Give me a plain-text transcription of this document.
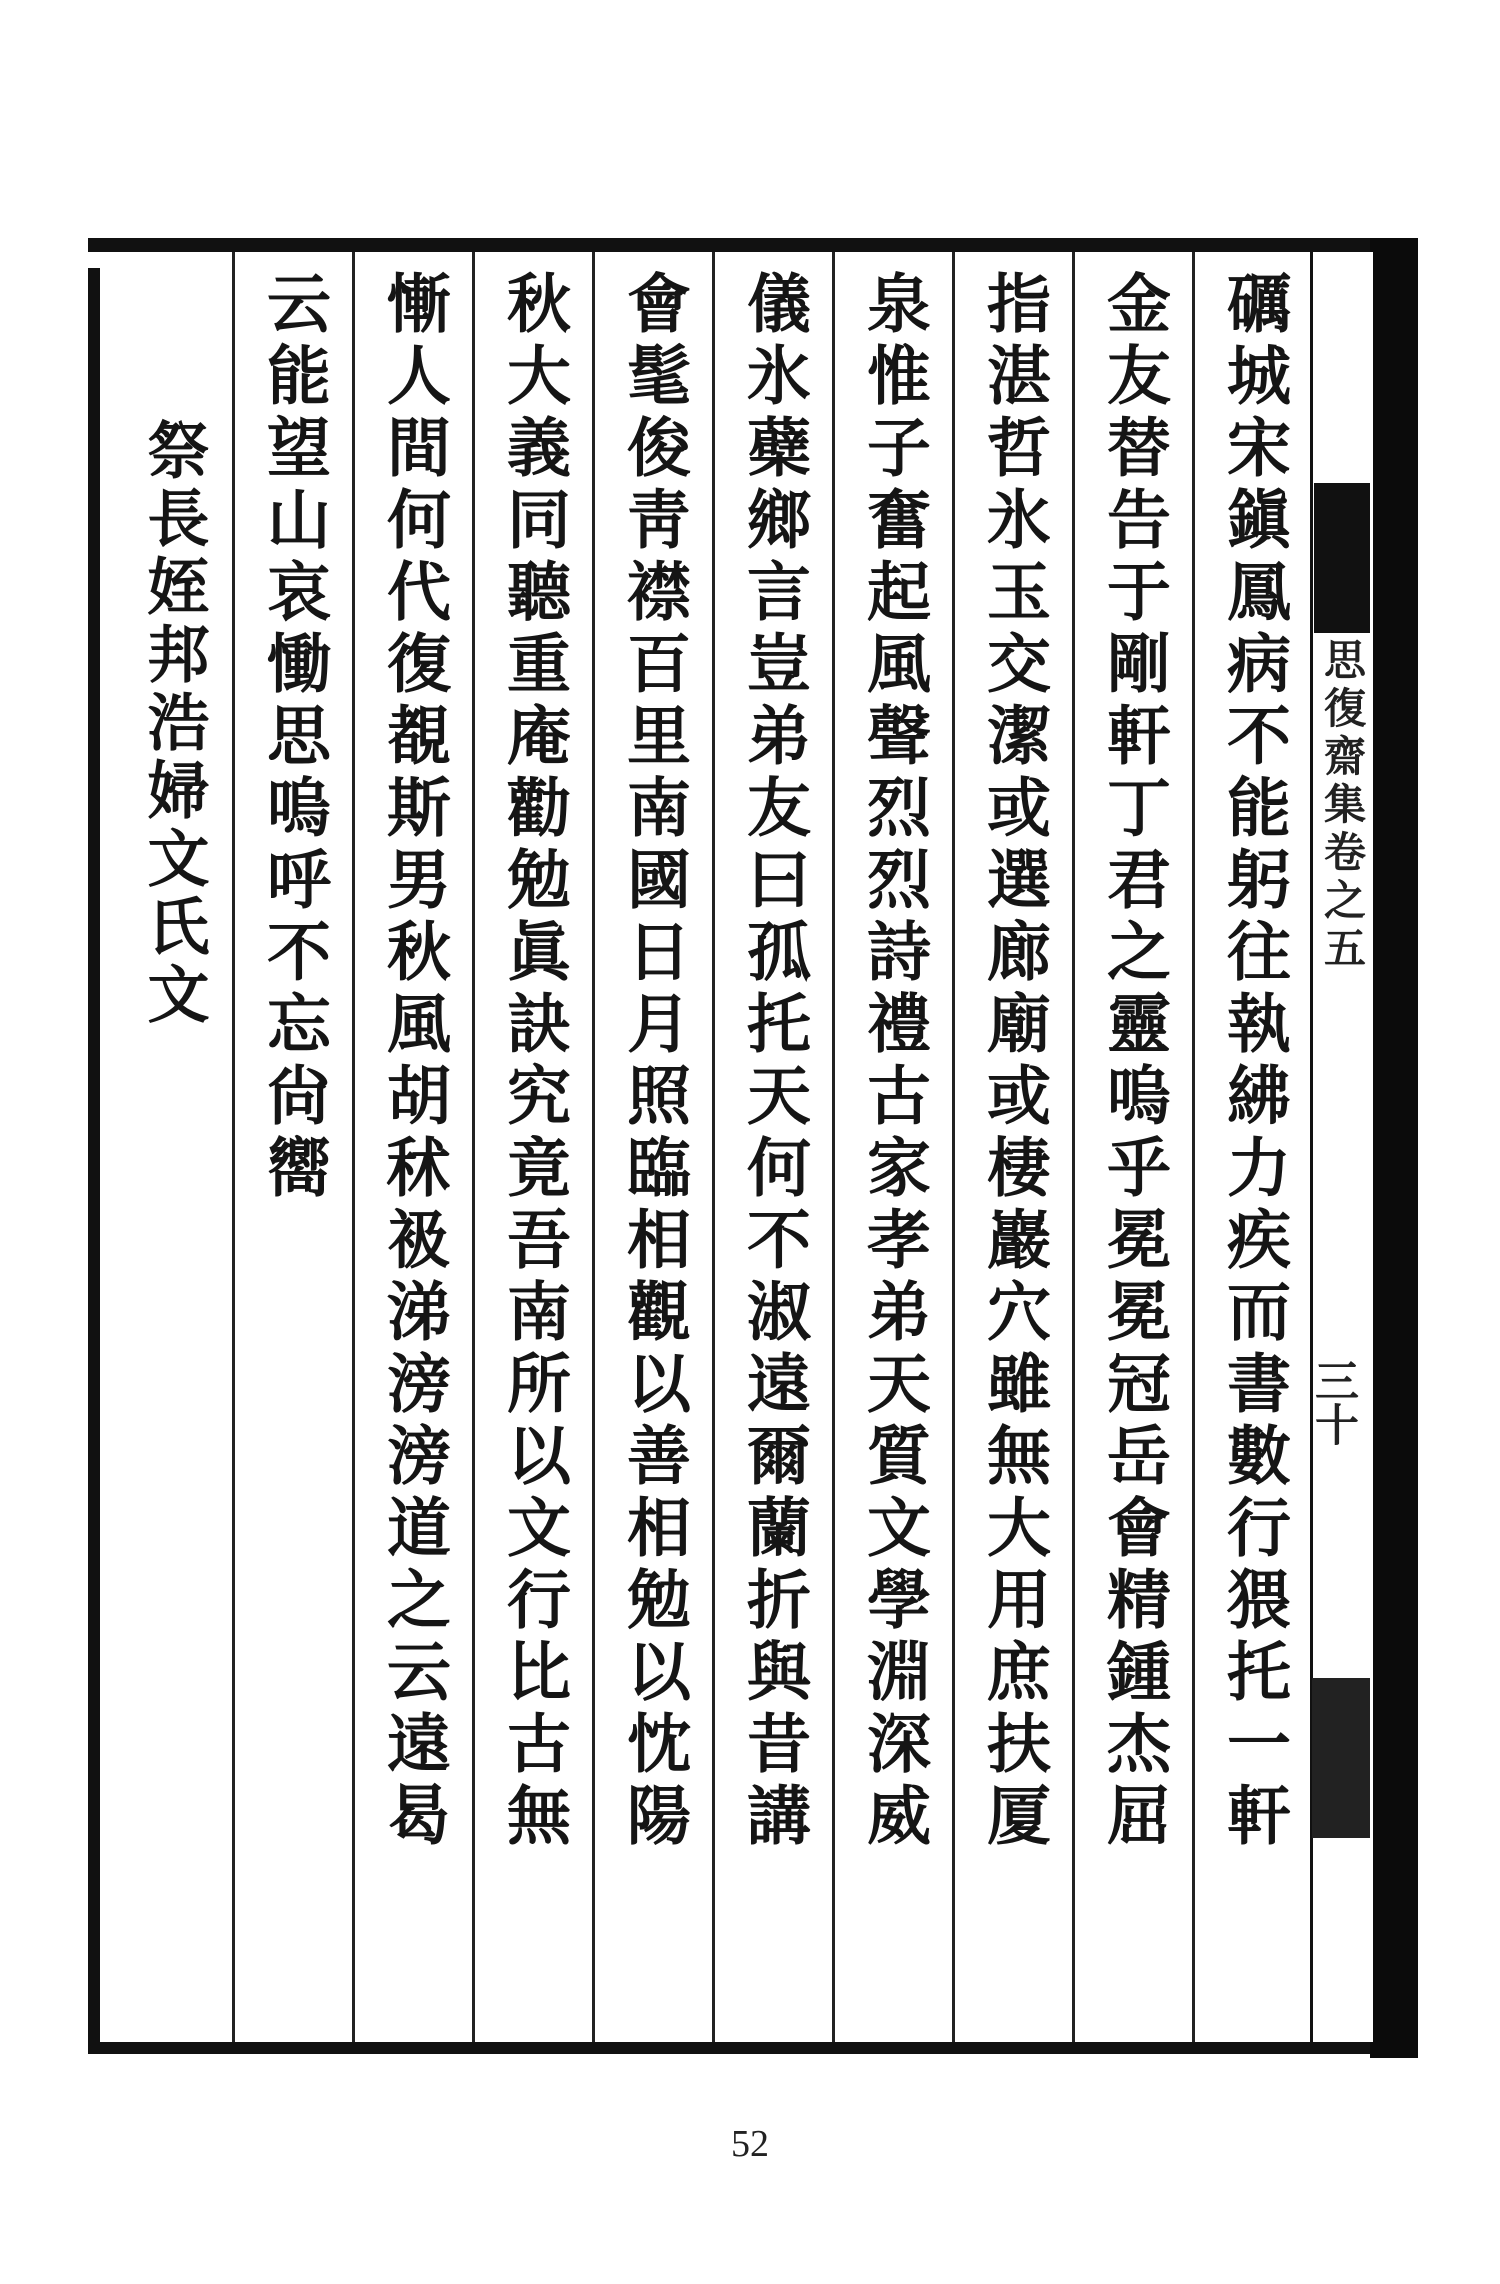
思復齋集卷之五
三十
礪城宋鎭鳳病不能躬往執紼力疾而書數行猥托一軒
金友替告于剛軒丁君之靈嗚乎冕冕冠岳會精鍾杰屈
指湛哲氷玉交潔或選廊廟或棲巖穴雖無大用庶扶厦
泉惟子奮起風聲烈烈詩禮古家孝弟天質文學淵深威
儀氷蘗鄉言豈弟友曰孤托天何不淑遠爾蘭折與昔講
會髦俊靑襟百里南國日月照臨相觀以善相勉以忱陽
秋大義同聽重庵勸勉眞訣究竟吾南所以文行比古無
慚人間何代復覩斯男秋風胡秫衱涕滂滂道之云遠曷
云能望山哀慟思嗚呼不忘尙嚮
祭長姪邦浩婦文氏文
52
